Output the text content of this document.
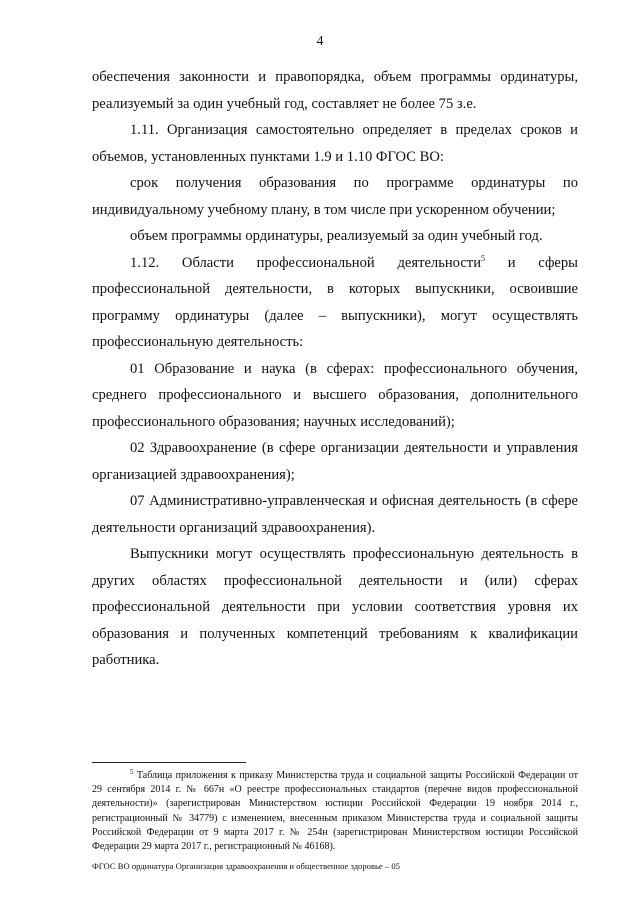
4

обеспечения законности и правопорядка, объем программы ординатуры, реализуемый за один учебный год, составляет не более 75 з.е.

1.11. Организация самостоятельно определяет в пределах сроков и объемов, установленных пунктами 1.9 и 1.10 ФГОС ВО:

срок получения образования по программе ординатуры по индивидуальному учебному плану, в том числе при ускоренном обучении;

объем программы ординатуры, реализуемый за один учебный год.

1.12. Области профессиональной деятельности$^5$ и сферы профессиональной деятельности, в которых выпускники, освоившие программу ординатуры (далее – выпускники), могут осуществлять профессиональную деятельность:

01 Образование и наука (в сферах: профессионального обучения, среднего профессионального и высшего образования, дополнительного профессионального образования; научных исследований);

02 Здравоохранение (в сфере организации деятельности и управления организацией здравоохранения);

07 Административно-управленческая и офисная деятельность (в сфере деятельности организаций здравоохранения).

Выпускники могут осуществлять профессиональную деятельность в других областях профессиональной деятельности и (или) сферах профессиональной деятельности при условии соответствия уровня их образования и полученных компетенций требованиям к квалификации работника.

$^5$ Таблица приложения к приказу Министерства труда и социальной защиты Российской Федерации от 29 сентября 2014 г. № 667н «О реестре профессиональных стандартов (перечне видов профессиональной деятельности)» (зарегистрирован Министерством юстиции Российской Федерации 19 ноября 2014 г., регистрационный № 34779) с изменением, внесенным приказом Министерства труда и социальной защиты Российской Федерации от 9 марта 2017 г. № 254н (зарегистрирован Министерством юстиции Российской Федерации 29 марта 2017 г., регистрационный № 46168).

ФГОС ВО ординатура Организация здравоохранения и общественное здоровье – 05
